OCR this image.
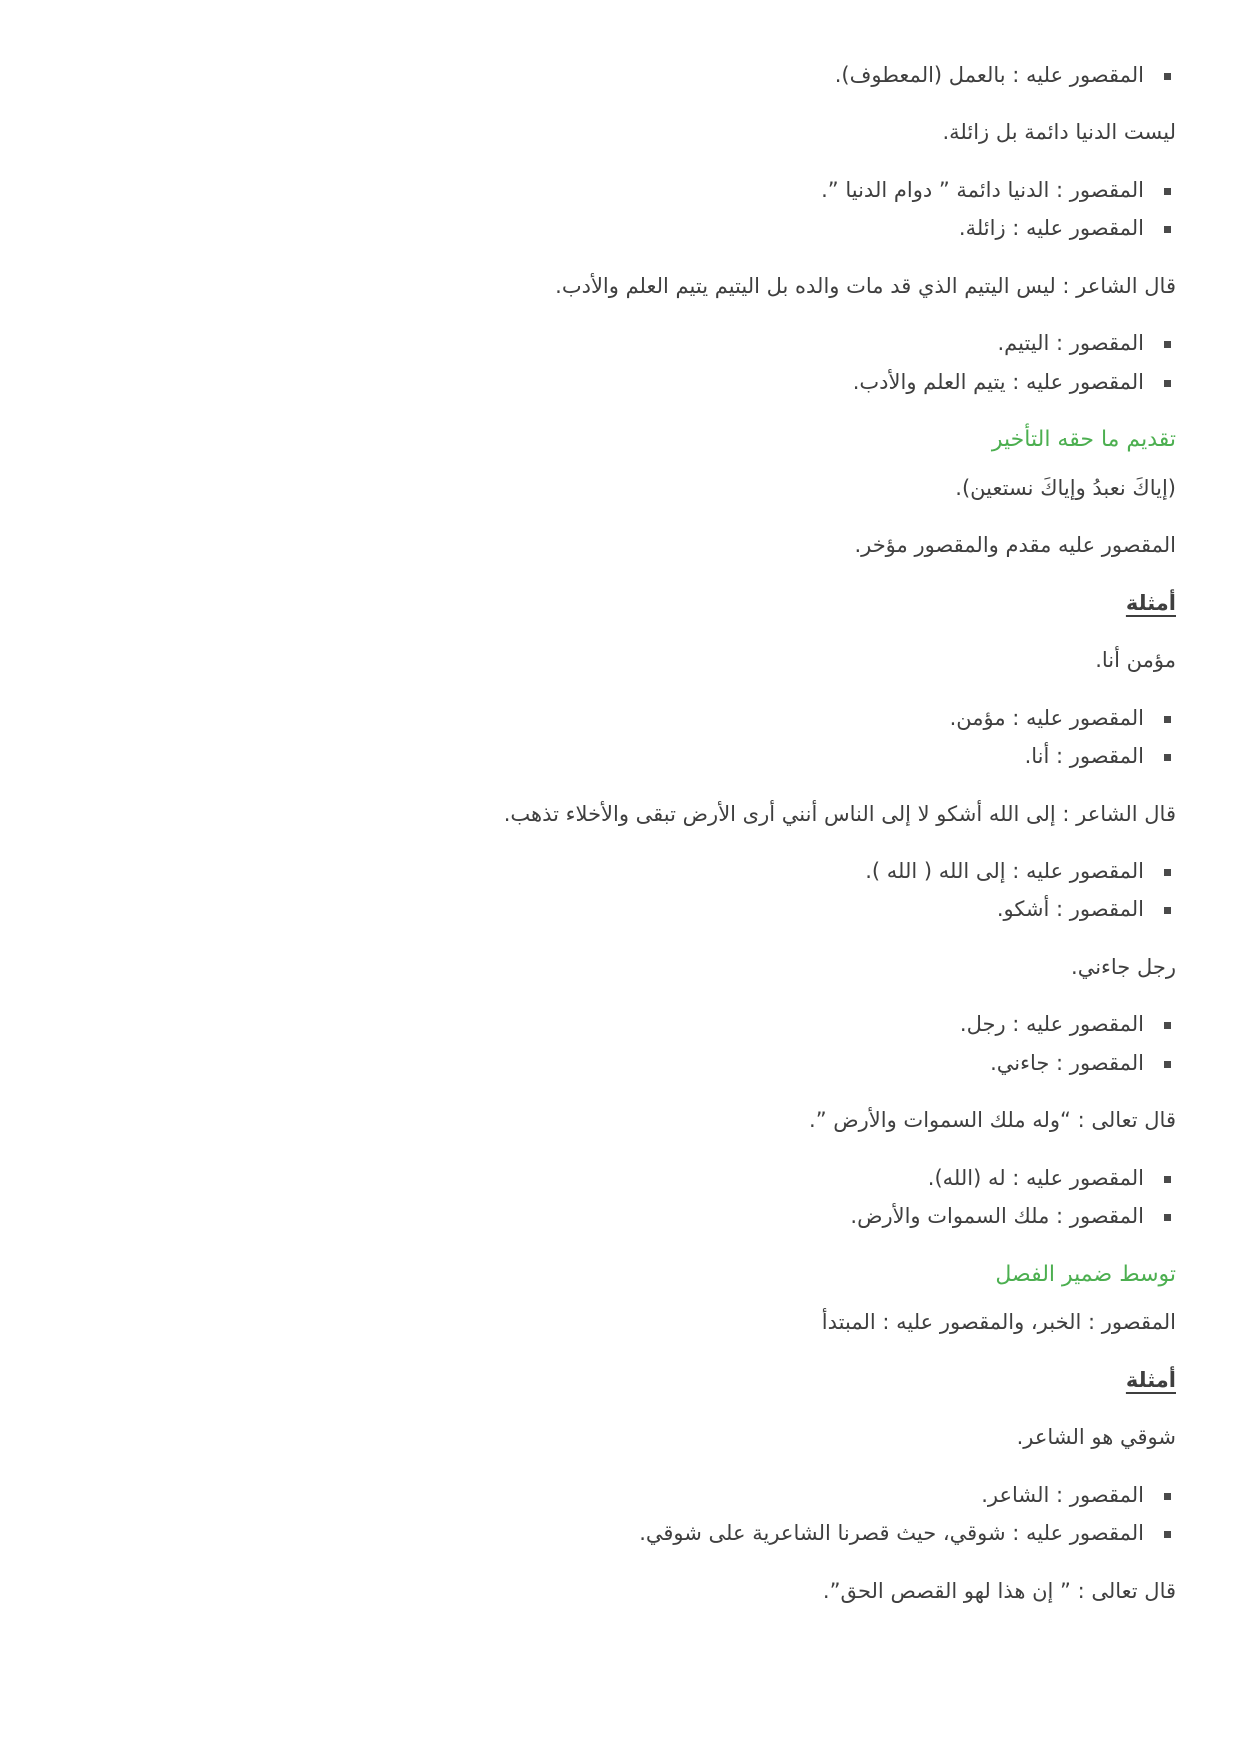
المقصور عليه : بالعمل (المعطوف).

ليست الدنيا دائمة بل زائلة.

المقصور : الدنيا دائمة ” دوام الدنيا ”.
المقصور عليه : زائلة.

قال الشاعر : ليس اليتيم الذي قد مات والده بل اليتيم يتيم العلم والأدب.

المقصور : اليتيم.
المقصور عليه : يتيم العلم والأدب.
تقديم ما حقه التأخير

(إياكَ نعبدُ وإياكَ نستعين).

المقصور عليه مقدم والمقصور مؤخر.

أمثلة

مؤمن أنا.

المقصور عليه : مؤمن.
المقصور : أنا.

قال الشاعر : إلى الله أشكو لا إلى الناس أنني أرى الأرض تبقى والأخلاء تذهب.

المقصور عليه : إلى الله ( الله ).
المقصور : أشكو.

رجل جاءني.

المقصور عليه : رجل.
المقصور : جاءني.

قال تعالى : “وله ملك السموات والأرض ”.

المقصور عليه : له (الله).
المقصور : ملك السموات والأرض.
توسط ضمير الفصل

المقصور : الخبر، والمقصور عليه : المبتدأ

أمثلة

شوقي هو الشاعر.

المقصور : الشاعر.
المقصور عليه : شوقي، حيث قصرنا الشاعرية على شوقي.

قال تعالى : ” إن هذا لهو القصص الحق”.
